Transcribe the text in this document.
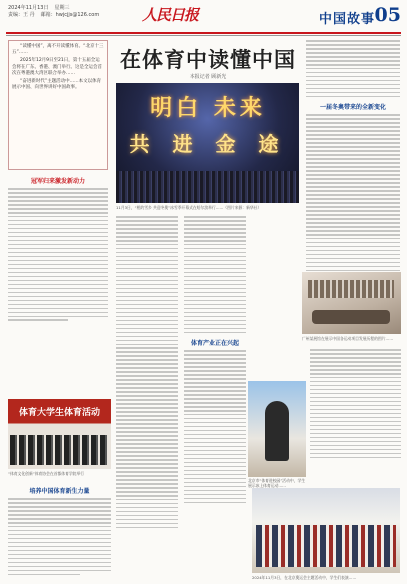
2024年11月13日 星期三
责编：王 丹 邮箱：hwjcjjs@126.com	人民日报	中国故事 05

“读懂中国”，离不开读懂体育。“北京十三五”……

2025年12月9日至21日，第十五届全运会将在广东、香港、澳门举行。这是全运会首次在粤港澳大湾区联合举办……

“奋进新时代”主题活动中……本文以体育展示中国、向世界讲好中国故事。

冠军归来激发新动力
体育大学生体育活动
“体育文化创新”体育协会在首都体育学院举行
培养中国体育新生力量
在体育中读懂中国
本报记者 顾新光
明白 未来
共 进 金 途
11月3日，“相约雪乡 共迎冬奥”冰雪季开幕式在哈尔滨举行……（图片来源：新华社）
体育产业正在兴起
北京市“体育进校园”活动中，学生展示冰上体育运动……
一届冬奥带来的全新变化
广州某展馆在展示中国各运动项目发展历程的图片……
2024年11月3日，在北京奥运会主题活动中，学生们表演……
